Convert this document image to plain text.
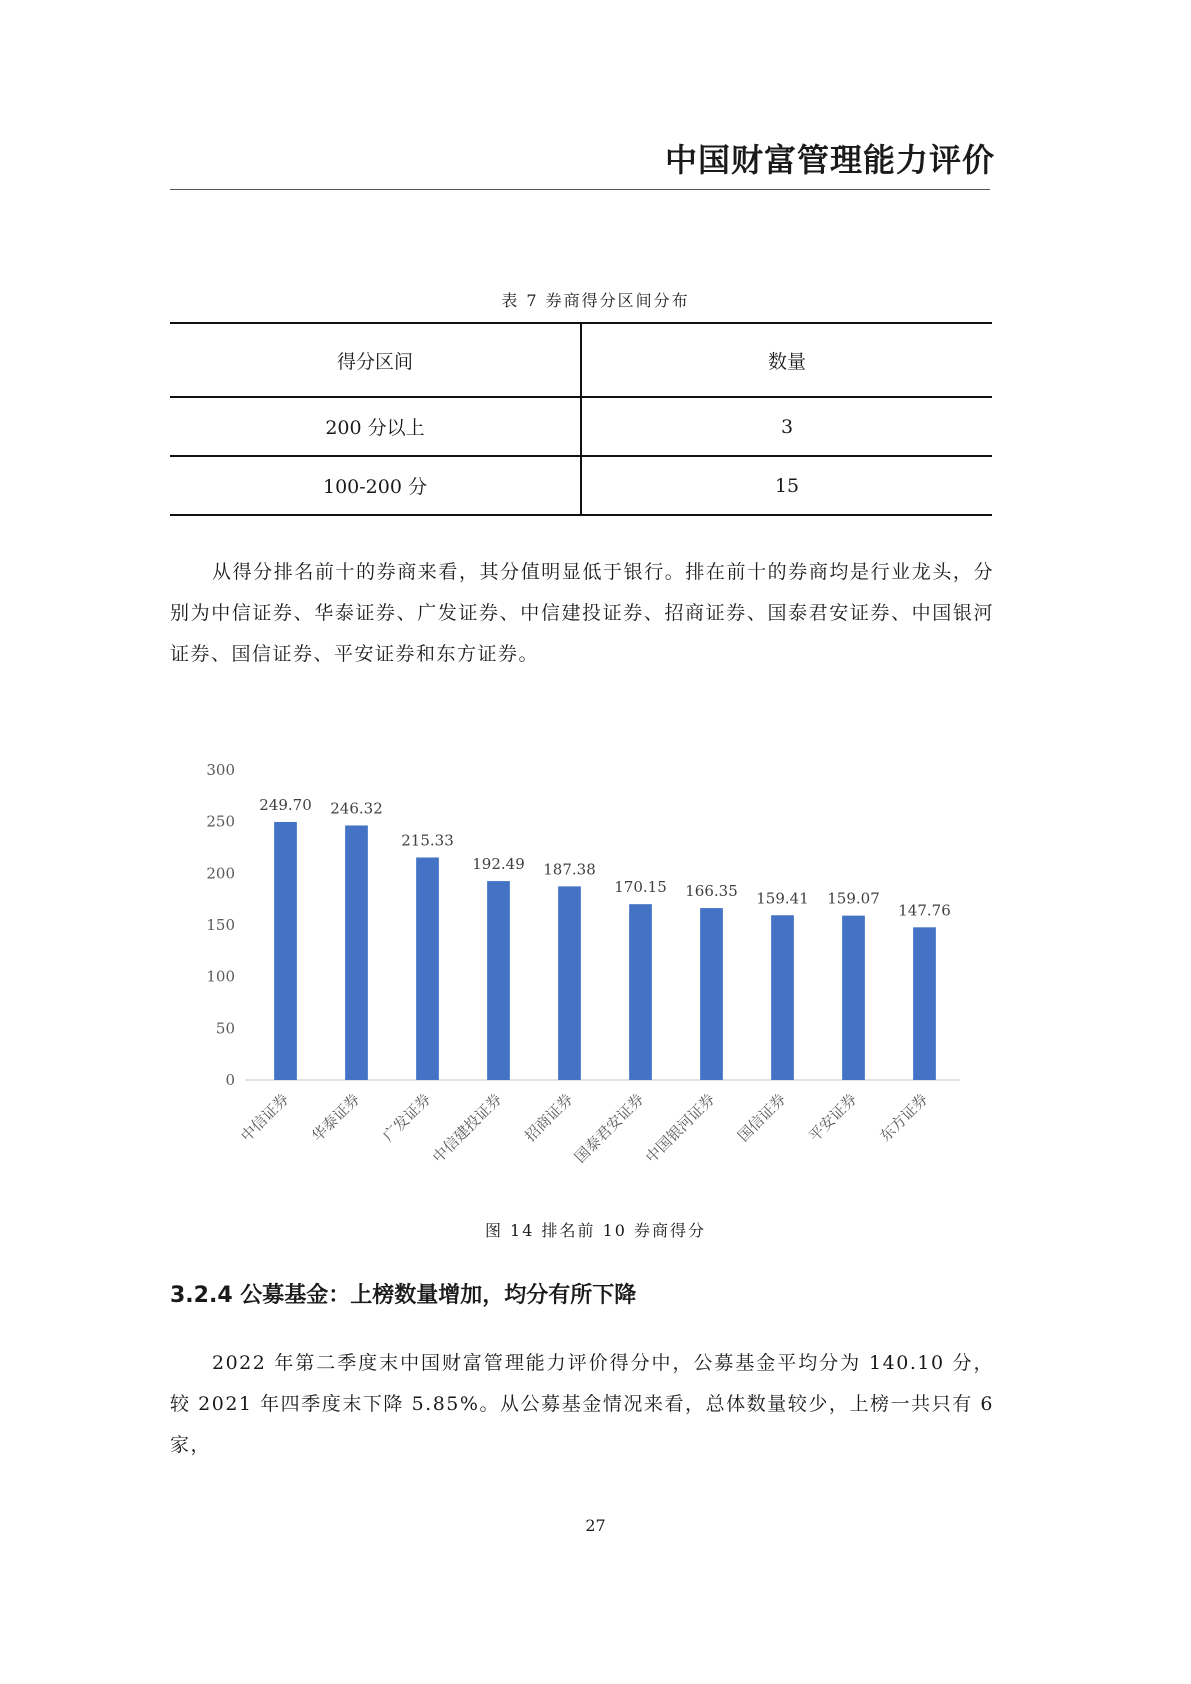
中国财富管理能力评价
表 7 券商得分区间分布
得分区间	数量
200 分以上	3
100-200 分	15

从得分排名前十的券商来看，其分值明显低于银行。排在前十的券商均是行业龙头，分别为中信证券、华泰证券、广发证券、中信建投证券、招商证券、国泰君安证券、中国银河证券、国信证券、平安证券和东方证券。

0
50
100
150
200
250
300
249.70
中信证券
246.32
华泰证券
215.33
广发证券
192.49
中信建投证券
187.38
招商证券
170.15
国泰君安证券
166.35
中国银河证券
159.41
国信证券
159.07
平安证券
147.76
东方证券
图 14 排名前 10 券商得分
3.2.4 公募基金：上榜数量增加，均分有所下降

2022 年第二季度末中国财富管理能力评价得分中，公募基金平均分为 140.10 分，较 2021 年四季度末下降 5.85%。从公募基金情况来看，总体数量较少，上榜一共只有 6 家，

27
